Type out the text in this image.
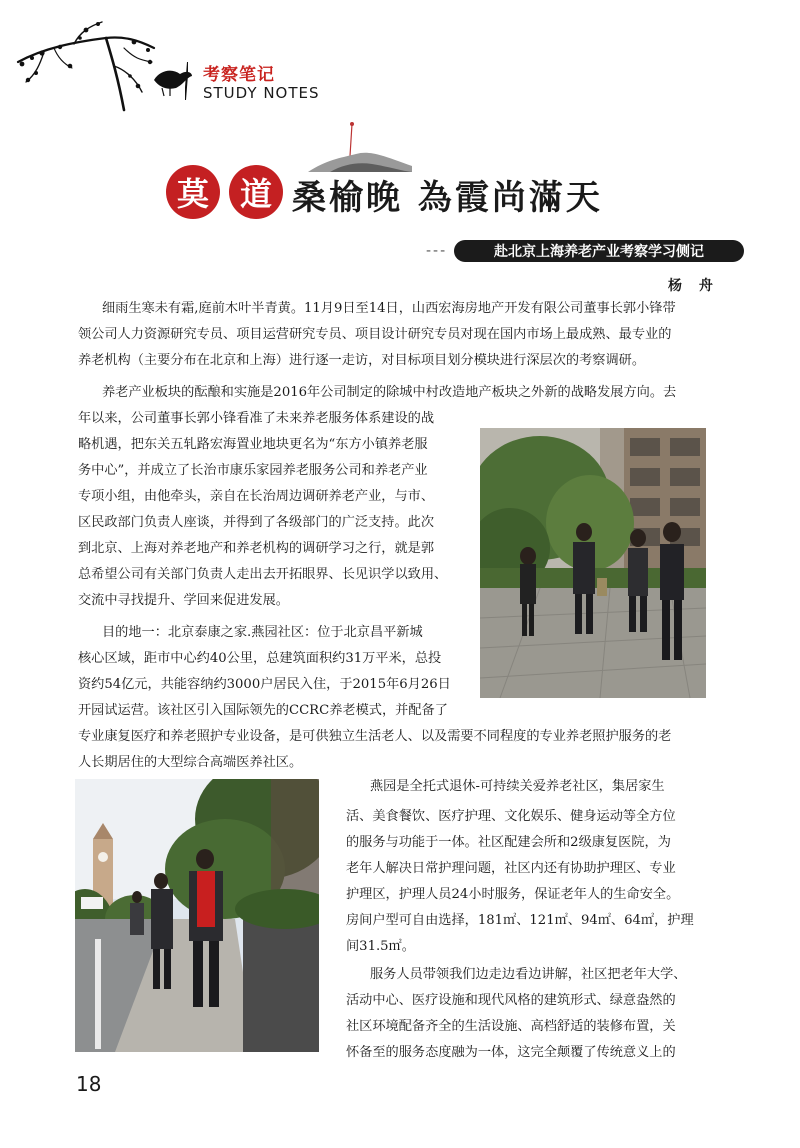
考察笔记
STUDY NOTES
莫 道 桑榆晚 為霞尚滿天
---	赴北京上海养老产业考察学习侧记
杨 舟
细雨生寒未有霜,庭前木叶半青黄。11月9日至14日，山西宏海房地产开发有限公司董事长郭小锋带
领公司人力资源研究专员、项目运营研究专员、项目设计研究专员对现在国内市场上最成熟、最专业的
养老机构（主要分布在北京和上海）进行逐一走访，对目标项目划分模块进行深层次的考察调研。
养老产业板块的酝酿和实施是2016年公司制定的除城中村改造地产板块之外新的战略发展方向。去
年以来，公司董事长郭小锋看准了未来养老服务体系建设的战
略机遇，把东关五轧路宏海置业地块更名为“东方小镇养老服
务中心”，并成立了长治市康乐家园养老服务公司和养老产业
专项小组，由他牵头，亲自在长治周边调研养老产业，与市、
区民政部门负责人座谈，并得到了各级部门的广泛支持。此次
到北京、上海对养老地产和养老机构的调研学习之行，就是郭
总希望公司有关部门负责人走出去开拓眼界、长见识学以致用、
交流中寻找提升、学回来促进发展。
目的地一：北京泰康之家.燕园社区：位于北京昌平新城
核心区域，距市中心约40公里，总建筑面积约31万平米，总投
资约54亿元，共能容纳约3000户居民入住，于2015年6月26日
开园试运营。该社区引入国际领先的CCRC养老模式，并配备了
专业康复医疗和养老照护专业设备，是可供独立生活老人、以及需要不同程度的专业养老照护服务的老
人长期居住的大型综合高端医养社区。
燕园是全托式退休-可持续关爱养老社区，集居家生
活、美食餐饮、医疗护理、文化娱乐、健身运动等全方位
的服务与功能于一体。社区配建会所和2级康复医院，为
老年人解决日常护理问题，社区内还有协助护理区、专业
护理区，护理人员24小时服务，保证老年人的生命安全。
房间户型可自由选择，181㎡、121㎡、94㎡、64㎡，护理
间31.5㎡。
服务人员带领我们边走边看边讲解，社区把老年大学、
活动中心、医疗设施和现代风格的建筑形式、绿意盎然的
社区环境配备齐全的生活设施、高档舒适的装修布置，关
怀备至的服务态度融为一体，这完全颠覆了传统意义上的
18
